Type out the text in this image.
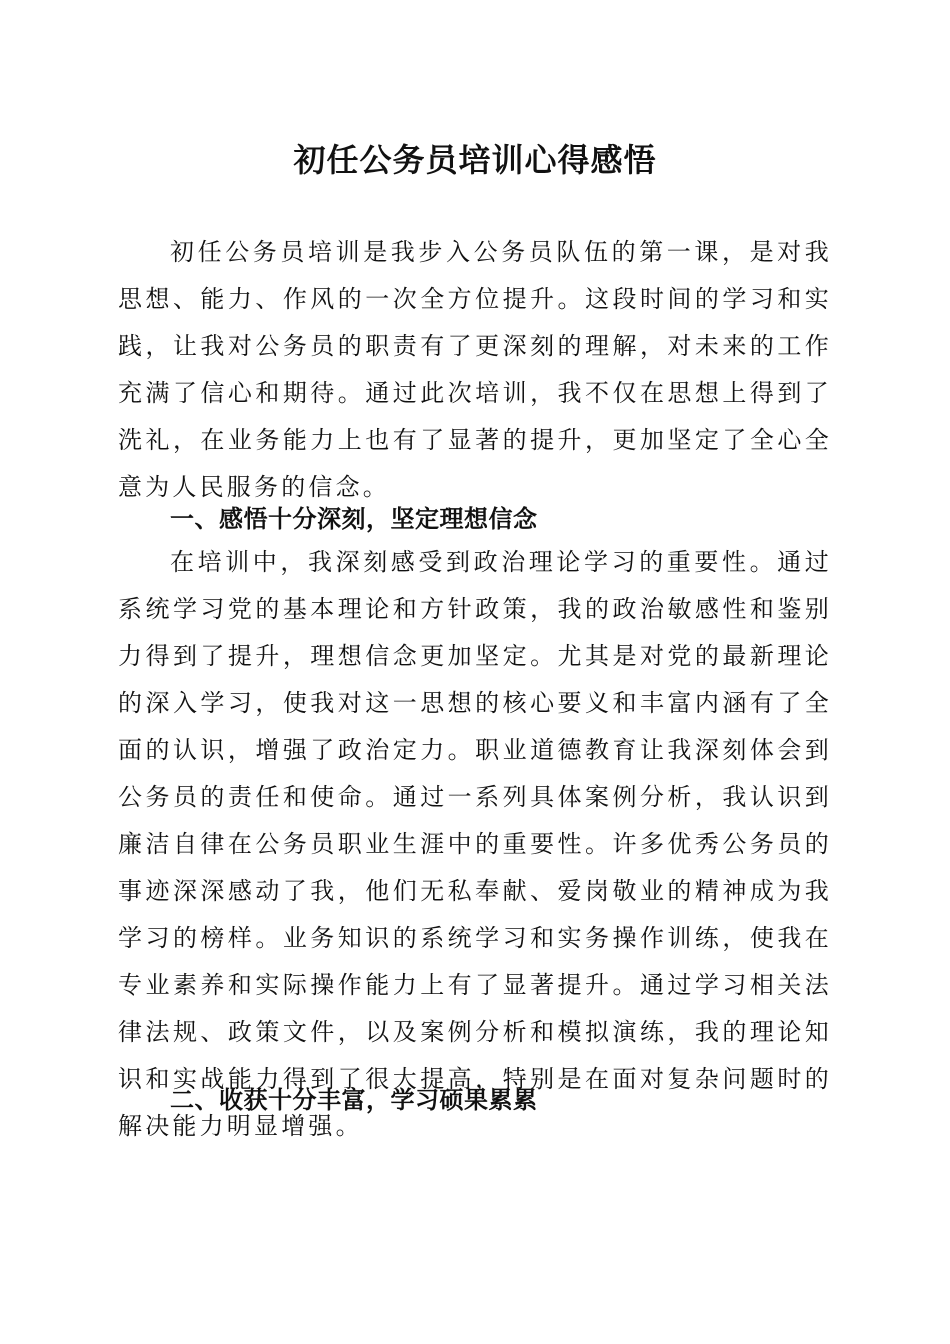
初任公务员培训心得感悟

初任公务员培训是我步入公务员队伍的第一课，是对我思想、能力、作风的一次全方位提升。这段时间的学习和实践，让我对公务员的职责有了更深刻的理解，对未来的工作充满了信心和期待。通过此次培训，我不仅在思想上得到了洗礼，在业务能力上也有了显著的提升，更加坚定了全心全意为人民服务的信念。

一、感悟十分深刻，坚定理想信念

在培训中，我深刻感受到政治理论学习的重要性。通过系统学习党的基本理论和方针政策，我的政治敏感性和鉴别力得到了提升，理想信念更加坚定。尤其是对党的最新理论的深入学习，使我对这一思想的核心要义和丰富内涵有了全面的认识，增强了政治定力。职业道德教育让我深刻体会到公务员的责任和使命。通过一系列具体案例分析，我认识到廉洁自律在公务员职业生涯中的重要性。许多优秀公务员的事迹深深感动了我，他们无私奉献、爱岗敬业的精神成为我学习的榜样。业务知识的系统学习和实务操作训练，使我在专业素养和实际操作能力上有了显著提升。通过学习相关法律法规、政策文件，以及案例分析和模拟演练，我的理论知识和实战能力得到了很大提高，特别是在面对复杂问题时的解决能力明显增强。

二、收获十分丰富，学习硕果累累
